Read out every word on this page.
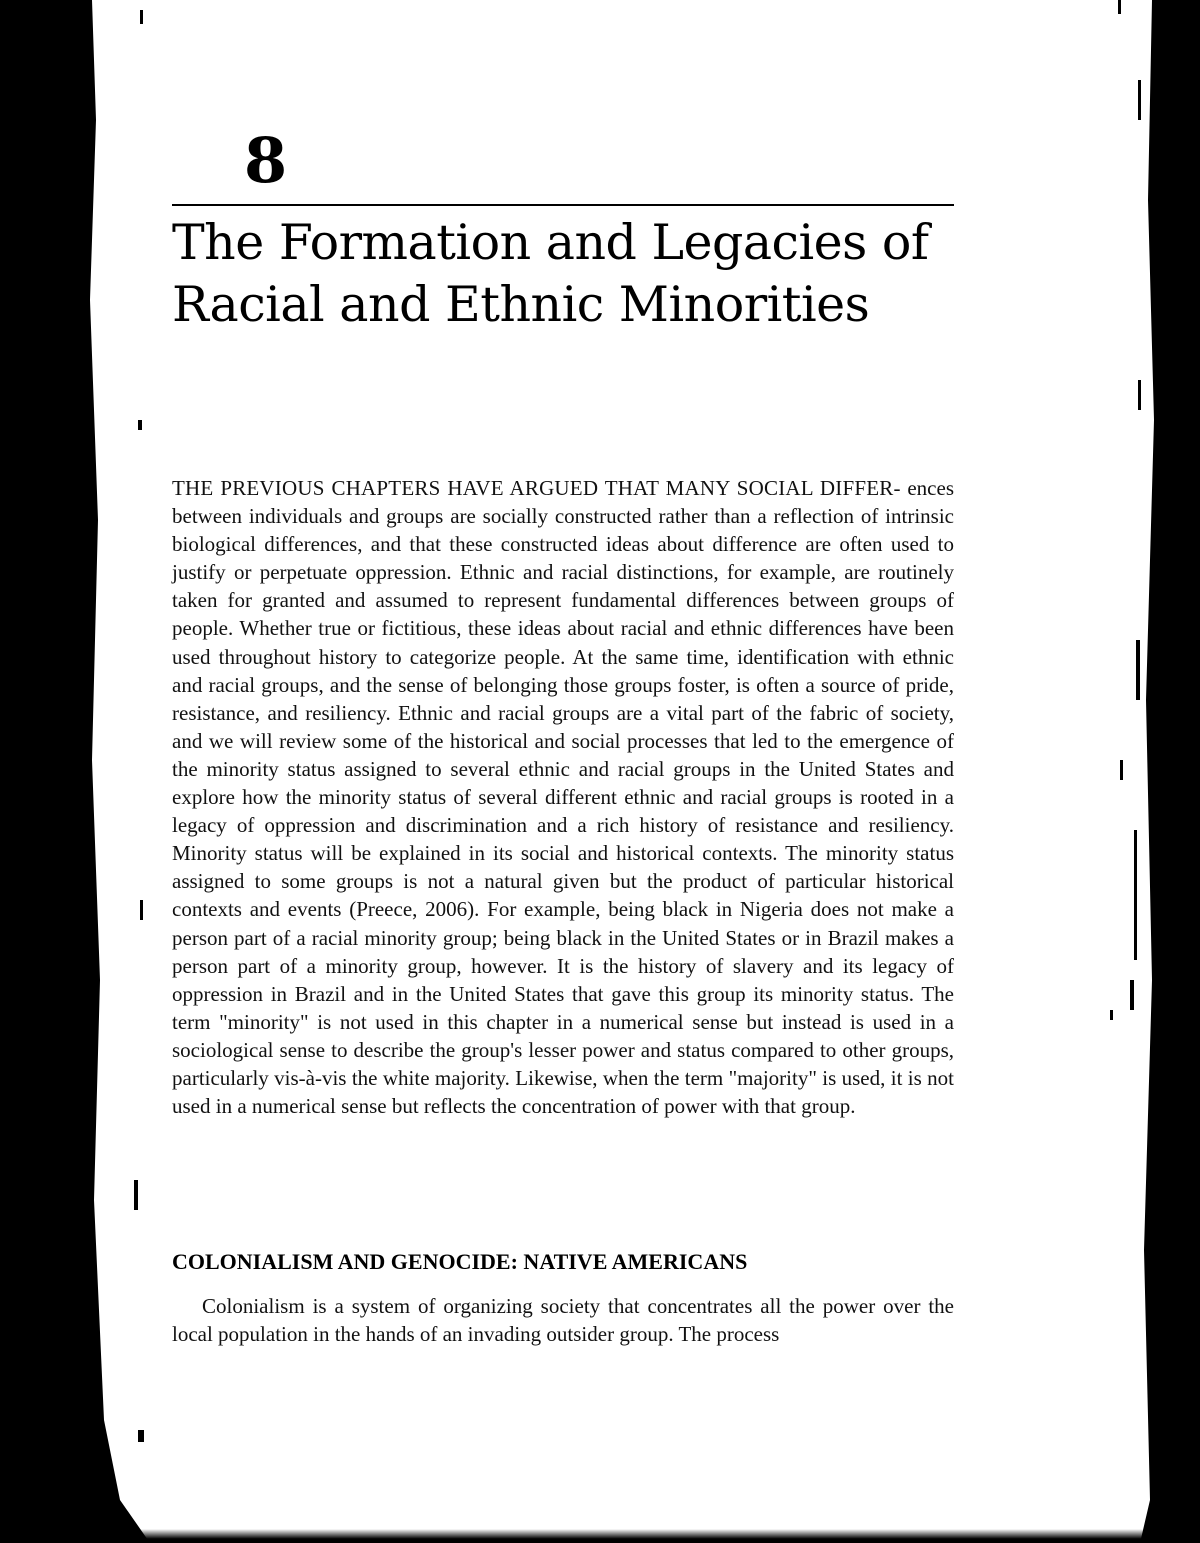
8
The Formation and Legacies of Racial and Ethnic Minorities

THE PREVIOUS CHAPTERS HAVE ARGUED THAT MANY SOCIAL DIFFER- ences between individuals and groups are socially constructed rather than a reflection of intrinsic biological differences, and that these constructed ideas about difference are often used to justify or perpetuate oppression. Ethnic and racial distinctions, for example, are routinely taken for granted and assumed to represent fundamental differences between groups of people. Whether true or fictitious, these ideas about racial and ethnic differences have been used throughout history to categorize people. At the same time, identification with ethnic and racial groups, and the sense of belonging those groups foster, is often a source of pride, resistance, and resiliency. Ethnic and racial groups are a vital part of the fabric of society, and we will review some of the historical and social processes that led to the emergence of the minority status assigned to several ethnic and racial groups in the United States and explore how the minority status of several different ethnic and racial groups is rooted in a legacy of oppression and discrimination and a rich history of resistance and resiliency. Minority status will be explained in its social and historical contexts. The minority status assigned to some groups is not a natural given but the product of particular historical contexts and events (Preece, 2006). For example, being black in Nigeria does not make a person part of a racial minority group; being black in the United States or in Brazil makes a person part of a minority group, however. It is the history of slavery and its legacy of oppression in Brazil and in the United States that gave this group its minority status. The term "minority" is not used in this chapter in a numerical sense but instead is used in a sociological sense to describe the group's lesser power and status compared to other groups, particularly vis-à-vis the white majority. Likewise, when the term "majority" is used, it is not used in a numerical sense but reflects the concentration of power with that group.

COLONIALISM AND GENOCIDE: NATIVE AMERICANS

Colonialism is a system of organizing society that concentrates all the power over the local population in the hands of an invading outsider group. The process
